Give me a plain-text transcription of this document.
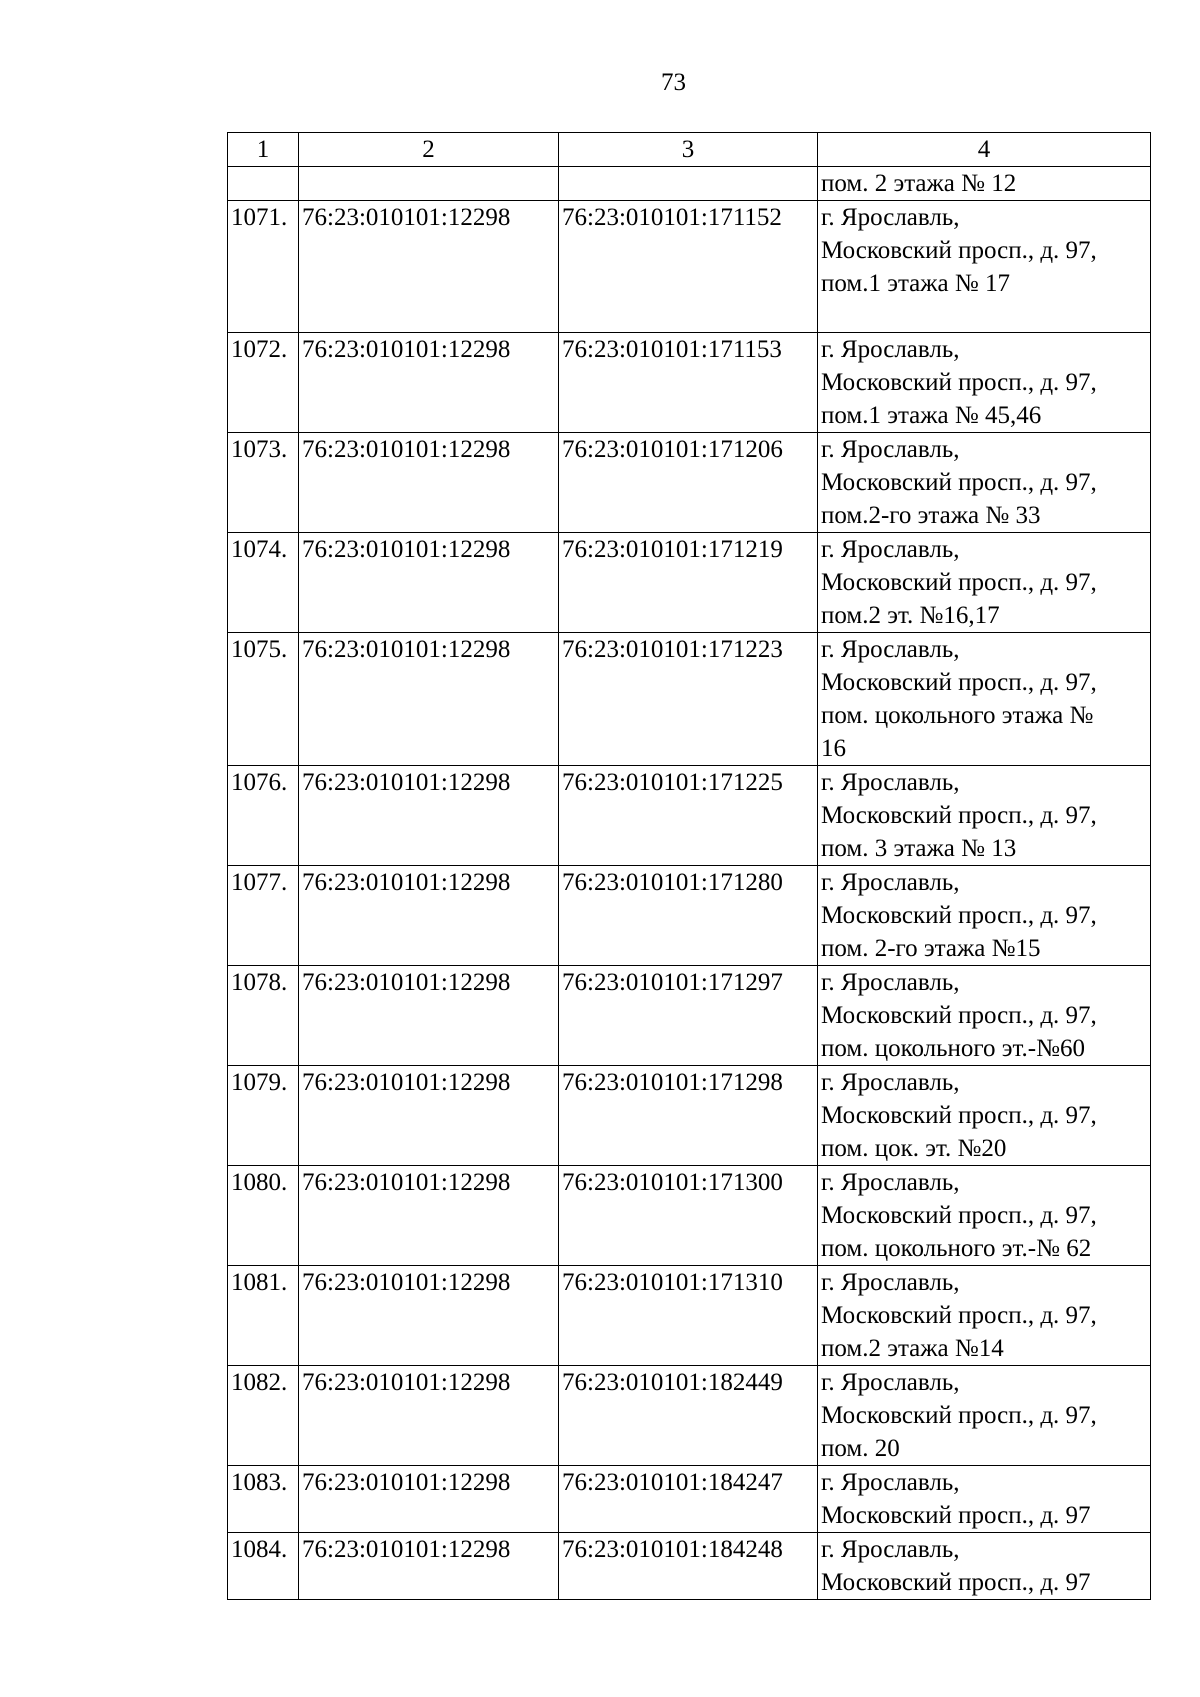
73
1	2	3	4

			пом. 2 этажа № 12

1071.	76:23:010101:12298	76:23:010101:171152	г. Ярославль,
Московский просп., д. 97,
пом.1 этажа № 17

1072.	76:23:010101:12298	76:23:010101:171153	г. Ярославль,
Московский просп., д. 97,
пом.1 этажа № 45,46

1073.	76:23:010101:12298	76:23:010101:171206	г. Ярославль,
Московский просп., д. 97,
пом.2-го этажа № 33

1074.	76:23:010101:12298	76:23:010101:171219	г. Ярославль,
Московский просп., д. 97,
пом.2 эт. №16,17

1075.	76:23:010101:12298	76:23:010101:171223	г. Ярославль,
Московский просп., д. 97,
пом. цокольного этажа №
16

1076.	76:23:010101:12298	76:23:010101:171225	г. Ярославль,
Московский просп., д. 97,
пом. 3 этажа № 13

1077.	76:23:010101:12298	76:23:010101:171280	г. Ярославль,
Московский просп., д. 97,
пом. 2-го этажа №15

1078.	76:23:010101:12298	76:23:010101:171297	г. Ярославль,
Московский просп., д. 97,
пом. цокольного эт.-№60

1079.	76:23:010101:12298	76:23:010101:171298	г. Ярославль,
Московский просп., д. 97,
пом. цок. эт. №20

1080.	76:23:010101:12298	76:23:010101:171300	г. Ярославль,
Московский просп., д. 97,
пом. цокольного эт.-№ 62

1081.	76:23:010101:12298	76:23:010101:171310	г. Ярославль,
Московский просп., д. 97,
пом.2 этажа №14

1082.	76:23:010101:12298	76:23:010101:182449	г. Ярославль,
Московский просп., д. 97,
пом. 20

1083.	76:23:010101:12298	76:23:010101:184247	г. Ярославль,
Московский просп., д. 97

1084.	76:23:010101:12298	76:23:010101:184248	г. Ярославль,
Московский просп., д. 97
